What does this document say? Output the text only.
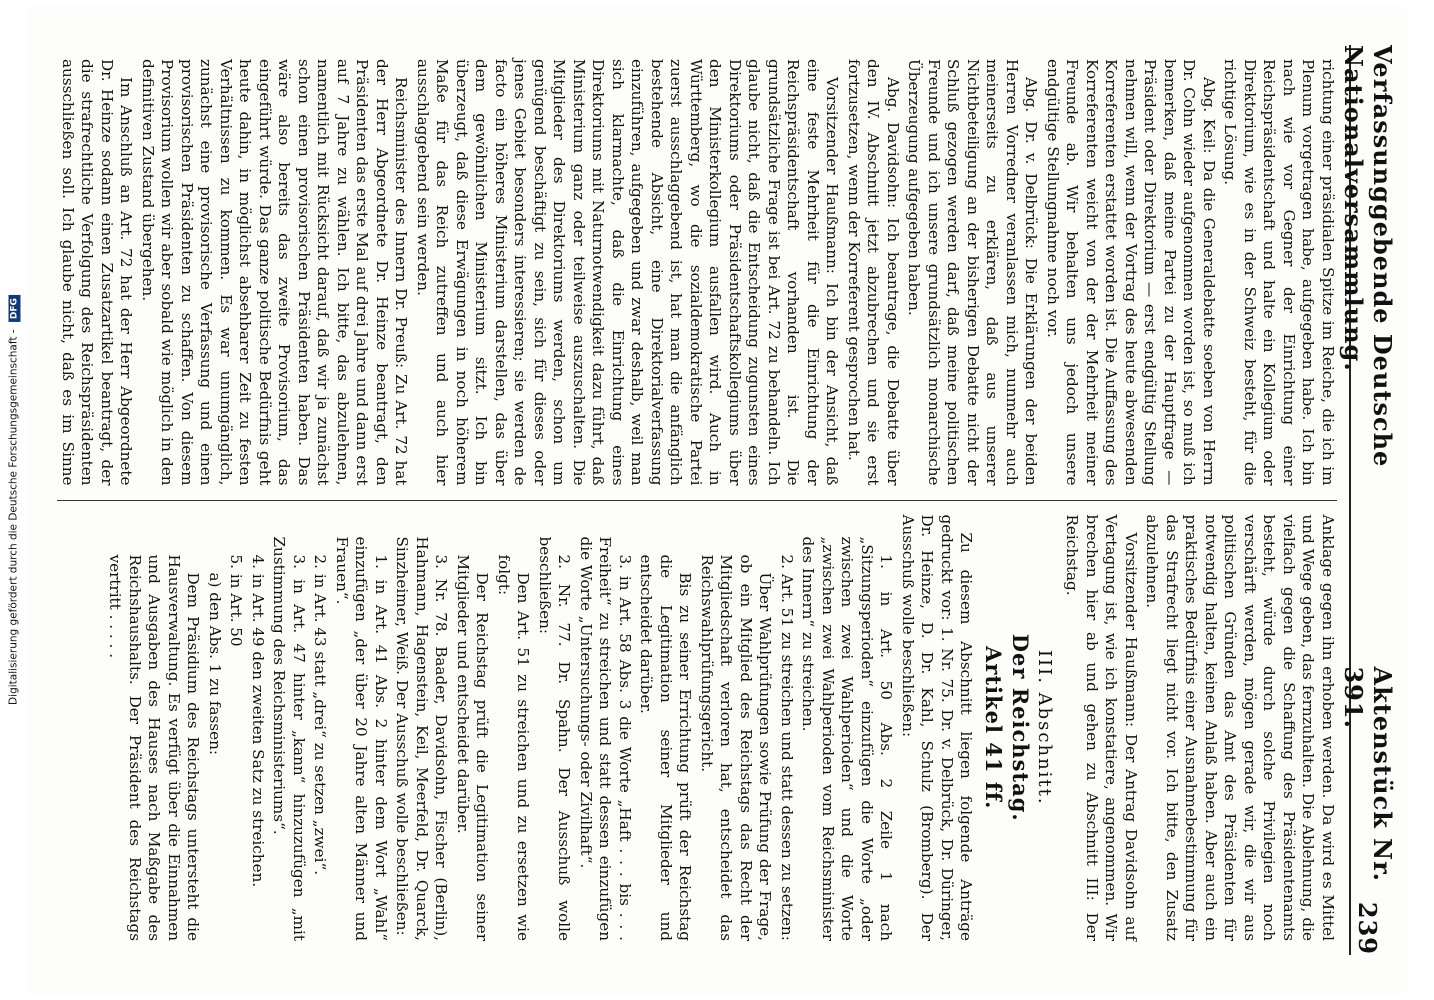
Verfassunggebende Deutsche Nationalversammlung.
Aktenstück Nr. 391.
239

richtung einer präsidialen Spitze im Reiche, die ich im Plenum vorgetragen habe, aufgegeben habe. Ich bin nach wie vor Gegner der Einrichtung einer Reichspräsidentschaft und halte ein Kollegium oder Direktorium, wie es in der Schweiz besteht, für die richtige Lösung.

Abg. Keil: Da die Generaldebatte soeben von Herrn Dr. Cohn wieder aufgenommen worden ist, so muß ich bemerken, daß meine Partei zu der Hauptfrage — Präsident oder Direktorium — erst endgültig Stellung nehmen will, wenn der Vortrag des heute abwesenden Korreferenten erstattet worden ist. Die Auffassung des Korreferenten weicht von der der Mehrheit meiner Freunde ab. Wir behalten uns jedoch unsere endgültige Stellungnahme noch vor.

Abg. Dr. v. Delbrück: Die Erklärungen der beiden Herren Vorredner veranlassen mich, nunmehr auch meinerseits zu erklären, daß aus unserer Nichtbeteiligung an der bisherigen Debatte nicht der Schluß gezogen werden darf, daß meine politischen Freunde und ich unsere grundsätzlich monarchische Überzeugung aufgegeben haben.

Abg. Davidsohn: Ich beantrage, die Debatte über den IV. Abschnitt jetzt abzubrechen und sie erst fortzusetzen, wenn der Korreferent gesprochen hat.

Vorsitzender Haußmann: Ich bin der Ansicht, daß eine feste Mehrheit für die Einrichtung der Reichspräsidentschaft vorhanden ist. Die grundsätzliche Frage ist bei Art. 72 zu behandeln. Ich glaube nicht, daß die Entscheidung zugunsten eines Direktoriums oder Präsidentschaftskollegiums über den Ministerkollegium ausfallen wird. Auch in Württemberg, wo die sozialdemokratische Partei zuerst ausschlaggebend ist, hat man die anfänglich bestehende Absicht, eine Direktorialverfassung einzuführen, aufgegeben und zwar deshalb, weil man sich klarmachte, daß die Einrichtung eines Direktoriums mit Naturnotwendigkeit dazu führt, daß Ministerium ganz oder teilweise auszuschalten. Die Mitglieder des Direktoriums werden, schon um genügend beschäftigt zu sein, sich für dieses oder jenes Gebiet besonders interessieren; sie werden de facto ein höheres Ministerium darstellen, das über dem gewöhnlichen Ministerium sitzt. Ich bin überzeugt, daß diese Erwägungen in noch höherem Maße für das Reich zutreffen und auch hier ausschlaggebend sein werden.

Reichsminister des Innern Dr. Preuß: Zu Art. 72 hat der Herr Abgeordnete Dr. Heinze beantragt, den Präsidenten das erste Mal auf drei Jahre und dann erst auf 7 Jahre zu wählen. Ich bitte, das abzulehnen, namentlich mit Rücksicht darauf, daß wir ja zunächst schon einen provisorischen Präsidenten haben. Das wäre also bereits das zweite Provisorium, das eingeführt würde. Das ganze politische Bedürfnis geht heute dahin, in möglichst absehbarer Zeit zu festen Verhältnissen zu kommen. Es war unumgänglich, zunächst eine provisorische Verfassung und einen provisorischen Präsidenten zu schaffen. Von diesem Provisorium wollen wir aber sobald wie möglich in den definitiven Zustand übergehen.

Im Anschluß an Art. 72 hat der Herr Abgeordnete Dr. Heinze sodann einen Zusatzartikel beantragt, der die strafrechtliche Verfolgung des Reichspräsidenten ausschließen soll. Ich glaube nicht, daß es im Sinne

Anklage gegen ihn erhoben werden. Da wird es Mittel und Wege geben, das fernzuhalten. Die Ablehnung, die vielfach gegen die Schaffung des Präsidentenamts besteht, würde durch solche Privilegien noch verschärft werden, mögen gerade wir, die wir aus politischen Gründen das Amt des Präsidenten für notwendig halten, keinen Anlaß haben. Aber auch ein praktisches Bedürfnis einer Ausnahmebestimmung für das Strafrecht liegt nicht vor. Ich bitte, den Zusatz abzulehnen.

Vorsitzender Haußmann: Der Antrag Davidsohn auf Vertagung ist, wie ich konstatiere, angenommen. Wir brechen hier ab und gehen zu Abschnitt III: Der Reichstag.

III. Abschnitt.
Der Reichstag.
Artikel 41 ff.

Zu diesem Abschnitt liegen folgende Anträge gedruckt vor: 1. Nr. 75. Dr. v. Delbrück, Dr. Düringer, Dr. Heinze, D. Dr. Kahl, Schulz (Bromberg). Der Ausschuß wolle beschließen:

1. in Art. 50 Abs. 2 Zeile 1 nach „Sitzungsperioden“ einzufügen die Worte „oder zwischen zwei Wahlperioden“ und die Worte „zwischen zwei Wahlperioden vom Reichsminister des Innern“ zu streichen.

2. Art. 51 zu streichen und statt dessen zu setzen:

Über Wahlprüfungen sowie Prüfung der Frage, ob ein Mitglied des Reichstags das Recht der Mitgliedschaft verloren hat, entscheidet das Reichswahlprüfungsgericht.

Bis zu seiner Errichtung prüft der Reichstag die Legitimation seiner Mitglieder und entscheidet darüber.

3. in Art. 58 Abs. 3 die Worte „Haft . . . bis . . . Freiheit“ zu streichen und statt dessen einzufügen die Worte „Untersuchungs- oder Zivilhaft“.

2. Nr. 77. Dr. Spahn. Der Ausschuß wolle beschließen:

Den Art. 51 zu streichen und zu ersetzen wie folgt:

Der Reichstag prüft die Legitimation seiner Mitglieder und entscheidet darüber.

3. Nr. 78. Baader, Davidsohn, Fischer (Berlin), Hahmann, Hagenstein, Keil, Meerfeld, Dr. Quarck, Sinzheimer, Weiß. Der Ausschuß wolle beschließen:

1. in Art. 41 Abs. 2 hinter dem Wort „Wahl“ einzufügen „der über 20 Jahre alten Männer und Frauen“.

2. in Art. 43 statt „drei“ zu setzen „zwei“.

3. in Art. 47 hinter „kann“ hinzuzufügen „mit Zustimmung des Reichsministeriums“.

4. in Art. 49 den zweiten Satz zu streichen.

5. in Art. 50

a) den Abs. 1 zu fassen:

Dem Präsidium des Reichstags untersteht die Hausverwaltung. Es verfügt über die Einnahmen und Ausgaben des Hauses nach Maßgabe des Reichshaushalts. Der Präsident des Reichstags vertritt . . . . .

Digitalisierung gefördert durch die Deutsche Forschungsgemeinschaft - DFG
